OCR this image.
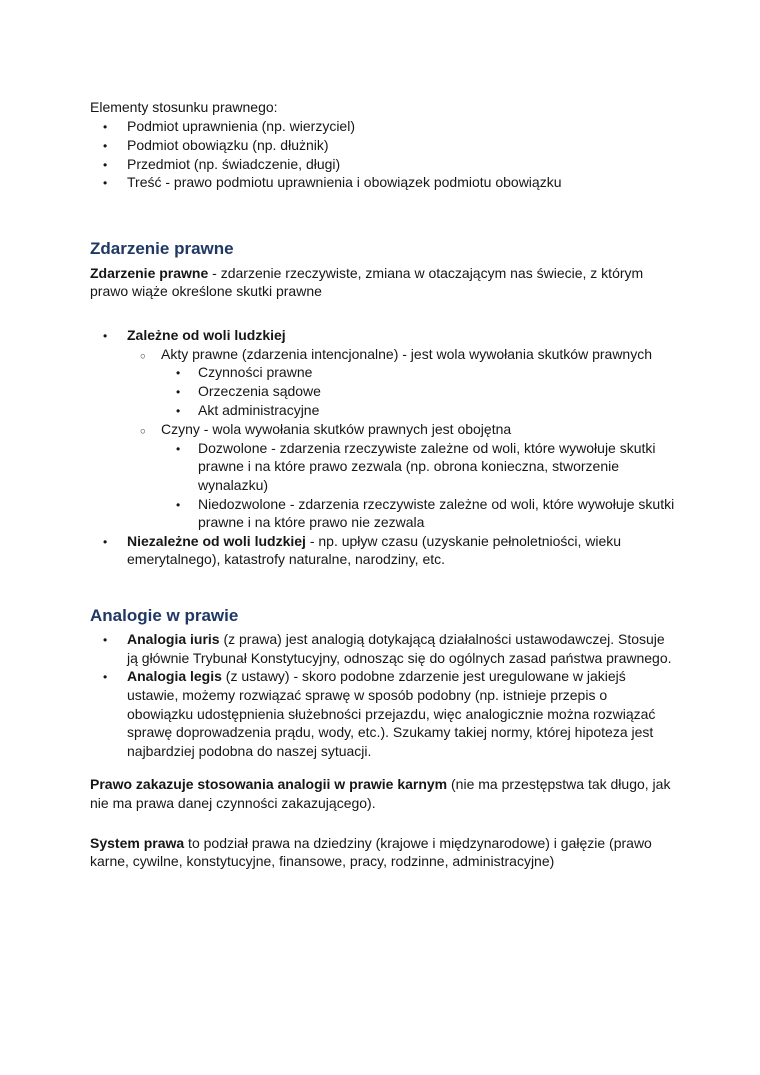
Elementy stosunku prawnego:

•	Podmiot uprawnienia (np. wierzyciel)
•	Podmiot obowiązku (np. dłużnik)
•	Przedmiot (np. świadczenie, długi)
•	Treść - prawo podmiotu uprawnienia i obowiązek podmiotu obowiązku
Zdarzenie prawne

Zdarzenie prawne - zdarzenie rzeczywiste, zmiana w otaczającym nas świecie, z którym prawo wiąże określone skutki prawne

•	Zależne od woli ludzkiej
○	Akty prawne (zdarzenia intencjonalne) - jest wola wywołania skutków prawnych
•	Czynności prawne
•	Orzeczenia sądowe
•	Akt administracyjne
○	Czyny - wola wywołania skutków prawnych jest obojętna
•	Dozwolone - zdarzenia rzeczywiste zależne od woli, które wywołuje skutki prawne i na które prawo zezwala (np. obrona konieczna, stworzenie wynalazku)
•	Niedozwolone - zdarzenia rzeczywiste zależne od woli, które wywołuje skutki prawne i na które prawo nie zezwala
•	Niezależne od woli ludzkiej - np. upływ czasu (uzyskanie pełnoletniości, wieku emerytalnego), katastrofy naturalne, narodziny, etc.
Analogie w prawie
•	Analogia iuris (z prawa) jest analogią dotykającą działalności ustawodawczej. Stosuje ją głównie Trybunał Konstytucyjny, odnosząc się do ogólnych zasad państwa prawnego.
•	Analogia legis (z ustawy) - skoro podobne zdarzenie jest uregulowane w jakiejś ustawie, możemy rozwiązać sprawę w sposób podobny (np. istnieje przepis o obowiązku udostępnienia służebności przejazdu, więc analogicznie można rozwiązać sprawę doprowadzenia prądu, wody, etc.). Szukamy takiej normy, której hipoteza jest najbardziej podobna do naszej sytuacji.

Prawo zakazuje stosowania analogii w prawie karnym (nie ma przestępstwa tak długo, jak nie ma prawa danej czynności zakazującego).

System prawa to podział prawa na dziedziny (krajowe i międzynarodowe) i gałęzie (prawo karne, cywilne, konstytucyjne, finansowe, pracy, rodzinne, administracyjne)
